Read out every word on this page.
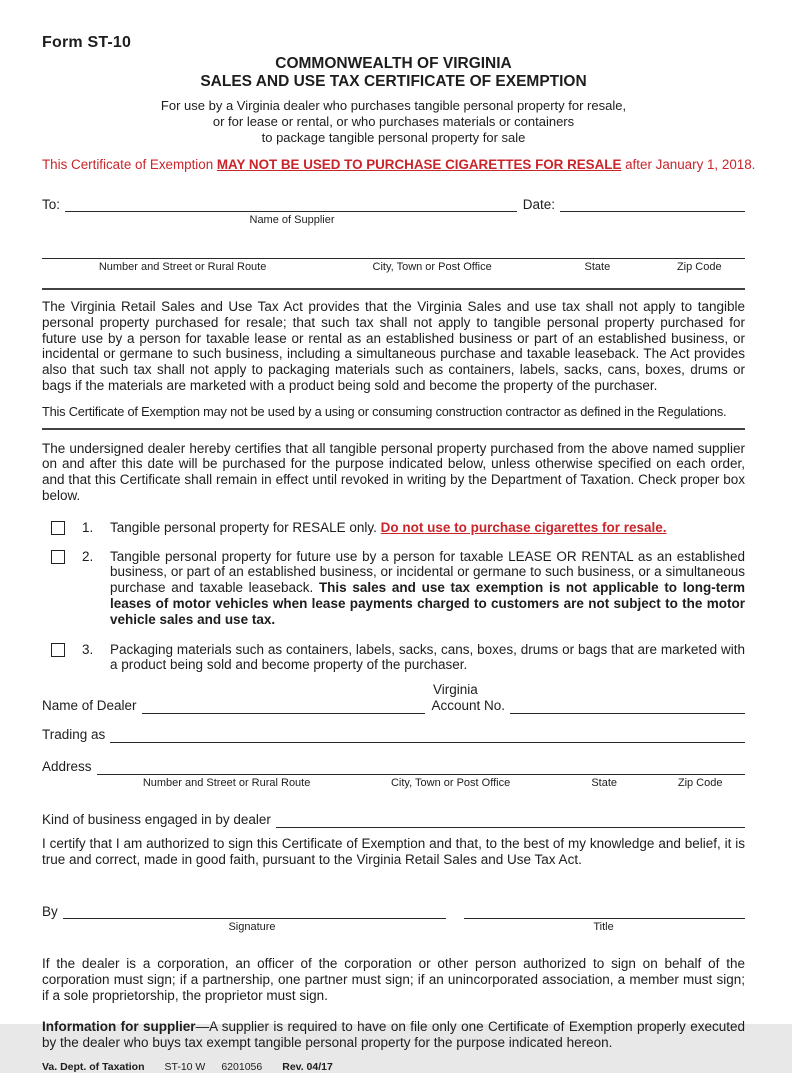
Form ST-10
COMMONWEALTH OF VIRGINIA
SALES AND USE TAX CERTIFICATE OF EXEMPTION
For use by a Virginia dealer who purchases tangible personal property for resale,
or for lease or rental, or who purchases materials or containers
to package tangible personal property for sale
This Certificate of Exemption MAY NOT BE USED TO PURCHASE CIGARETTES FOR RESALE after January 1, 2018.
To:	Date:
Name of Supplier
Number and Street or Rural Route	City, Town or Post Office	State	Zip Code

The Virginia Retail Sales and Use Tax Act provides that the Virginia Sales and use tax shall not apply to tangible personal property purchased for resale; that such tax shall not apply to tangible personal property purchased for future use by a person for taxable lease or rental as an established business or part of an established business, or incidental or germane to such business, including a simultaneous purchase and taxable leaseback. The Act provides also that such tax shall not apply to packaging materials such as containers, labels, sacks, cans, boxes, drums or bags if the materials are marketed with a product being sold and become the property of the purchaser.

This Certificate of Exemption may not be used by a using or consuming construction contractor as defined in the Regulations.

The undersigned dealer hereby certifies that all tangible personal property purchased from the above named supplier on and after this date will be purchased for the purpose indicated below, unless otherwise specified on each order, and that this Certificate shall remain in effect until revoked in writing by the Department of Taxation. Check proper box below.

1.	Tangible personal property for RESALE only. Do not use to purchase cigarettes for resale.
2.	Tangible personal property for future use by a person for taxable LEASE OR RENTAL as an established business, or part of an established business, or incidental or germane to such business, or a simultaneous purchase and taxable leaseback. This sales and use tax exemption is not applicable to long-term leases of motor vehicles when lease payments charged to customers are not subject to the motor vehicle sales and use tax.
3.	Packaging materials such as containers, labels, sacks, cans, boxes, drums or bags that are marketed with a product being sold and become property of the purchaser.
Virginia
Name of Dealer	Account No.
Trading as
Address
Number and Street or Rural Route	City, Town or Post Office	State	Zip Code
Kind of business engaged in by dealer

I certify that I am authorized to sign this Certificate of Exemption and that, to the best of my knowledge and belief, it is true and correct, made in good faith, pursuant to the Virginia Retail Sales and Use Tax Act.

By
Signature	Title

If the dealer is a corporation, an officer of the corporation or other person authorized to sign on behalf of the corporation must sign; if a partnership, one partner must sign; if an unincorporated association, a member must sign; if a sole proprietorship, the proprietor must sign.

Information for supplier—A supplier is required to have on file only one Certificate of Exemption properly executed by the dealer who buys tax exempt tangible personal property for the purpose indicated hereon.

Va. Dept. of Taxation ST-10 W 6201056 Rev. 04/17
